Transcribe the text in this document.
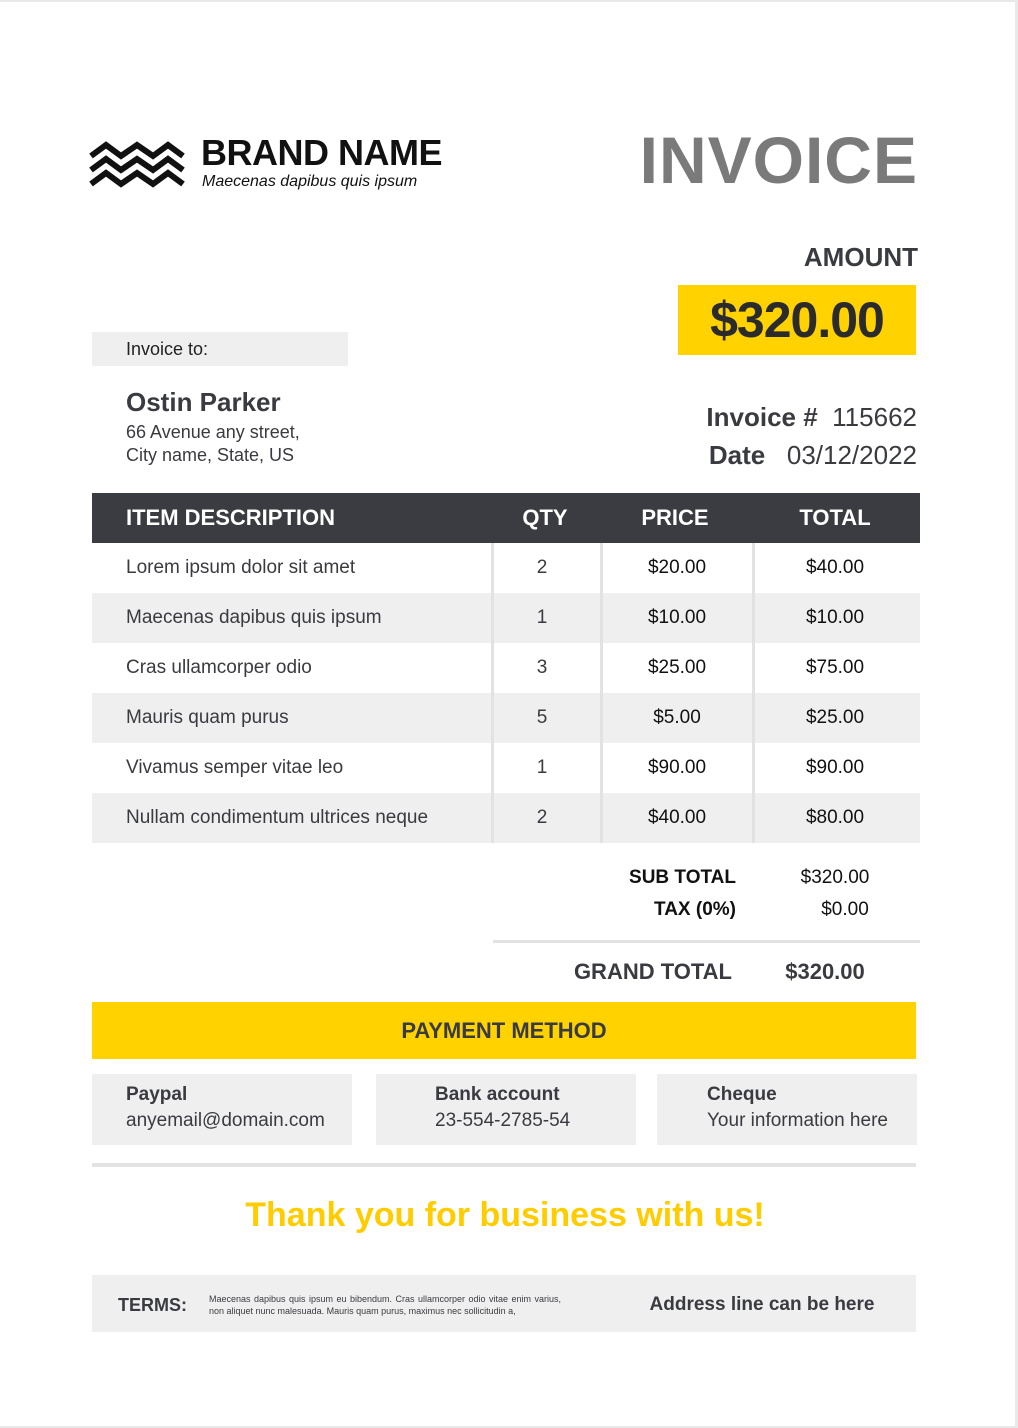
BRAND NAME
Maecenas dapibus quis ipsum	INVOICE
AMOUNT
$320.00
Invoice to:
Ostin Parker
66 Avenue any street,
City name, State, US
Invoice # 115662
Date 03/12/2022
ITEM DESCRIPTION	QTY	PRICE	TOTAL
Lorem ipsum dolor sit amet	2	$20.00	$40.00
Maecenas dapibus quis ipsum	1	$10.00	$10.00
Cras ullamcorper odio	3	$25.00	$75.00
Mauris quam purus	5	$5.00	$25.00
Vivamus semper vitae leo	1	$90.00	$90.00
Nullam condimentum ultrices neque	2	$40.00	$80.00
SUB TOTAL	$320.00
TAX (0%)	$0.00
GRAND TOTAL	$320.00
PAYMENT METHOD
Paypal
anyemail@domain.com
Bank account
23-554-2785-54
Cheque
Your information here
Thank you for business with us!
TERMS: Maecenas dapibus quis ipsum eu bibendum. Cras ullamcorper odio vitae enim varius, non aliquet nunc malesuada. Mauris quam purus, maximus nec sollicitudin a,	Address line can be here
